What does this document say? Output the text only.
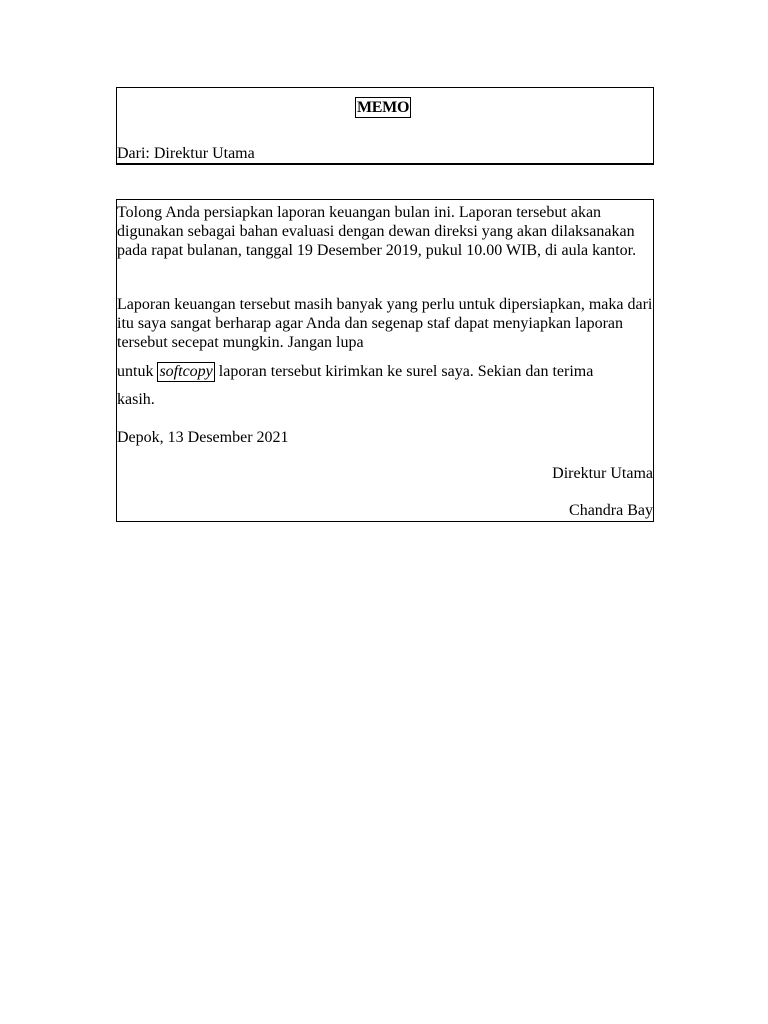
MEMO
Dari: Direktur Utama

Tolong Anda persiapkan laporan keuangan bulan ini. Laporan tersebut akan digunakan sebagai bahan evaluasi dengan dewan direksi yang akan dilaksanakan pada rapat bulanan, tanggal 19 Desember 2019, pukul 10.00 WIB, di aula kantor.

Laporan keuangan tersebut masih banyak yang perlu untuk dipersiapkan, maka dari itu saya sangat berharap agar Anda dan segenap staf dapat menyiapkan laporan tersebut secepat mungkin. Jangan lupa

untuk softcopy laporan tersebut kirimkan ke surel saya. Sekian dan terima
kasih.
Depok, 13 Desember 2021
Direktur Utama
Chandra Bay
